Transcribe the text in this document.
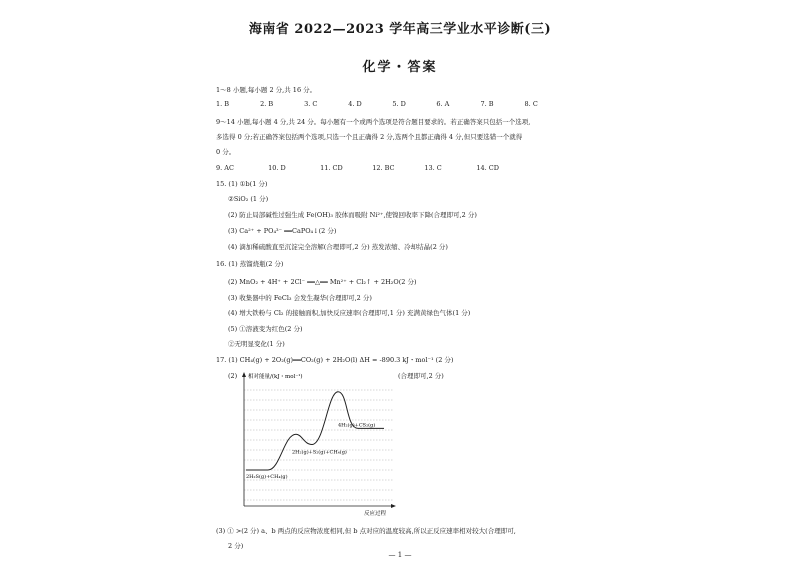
海南省 2022—2023 学年高三学业水平诊断(三)
化学・答案
1～8 小题,每小题 2 分,共 16 分。
1. B	2. B	3. C	4. D	5. D	6. A	7. B	8. C
9～14 小题,每小题 4 分,共 24 分。每小题有一个或两个选项是符合题目要求的。若正确答案只包括一个选项,
多选得 0 分;若正确答案包括两个选项,只选一个且正确得 2 分,选两个且都正确得 4 分,但只要选错一个就得
0 分。
9. AC	10. D	11. CD	12. BC	13. C	14. CD
15. (1) ①b(1 分)
②SiO₂ (1 分)
(2) 防止局部碱性过强生成 Fe(OH)₃ 胶体而吸附 Ni²⁺,使镍回收率下降(合理即可,2 分)
(3) Ca²⁺ + PO₄³⁻ ══CaPO₄↓(2 分)
(4) 滴加稀硫酸直至沉淀完全溶解(合理即可,2 分) 蒸发浓缩、冷却结晶(2 分)
16. (1) 蒸馏烧瓶(2 分)
(2) MnO₂ + 4H⁺ + 2Cl⁻ ══△══ Mn²⁺ + Cl₂↑ + 2H₂O(2 分)
(3) 收集器中的 FeCl₃ 会发生凝华(合理即可,2 分)
(4) 增大铁粉与 Cl₂ 的接触面积,加快反应速率(合理即可,1 分) 充满黄绿色气体(1 分)
(5) ①溶液变为红色(2 分)
②无明显变化(1 分)
17. (1) CH₄(g) + 2O₂(g)══CO₂(g) + 2H₂O(l) ΔH = -890.3 kJ・mol⁻¹ (2 分)
(2)	(合理即可,2 分)
相对能量/(kJ・mol⁻¹)
反应过程
2H₂S(g)+CH₄(g)
2H₂(g)+S₂(g)+CH₄(g)
4H₂(g)+CS₂(g)
(3) ① >(2 分) a、b 两点的反应物浓度相同,但 b 点对应的温度较高,所以正反应速率相对较大(合理即可,
2 分)
— 1 —
